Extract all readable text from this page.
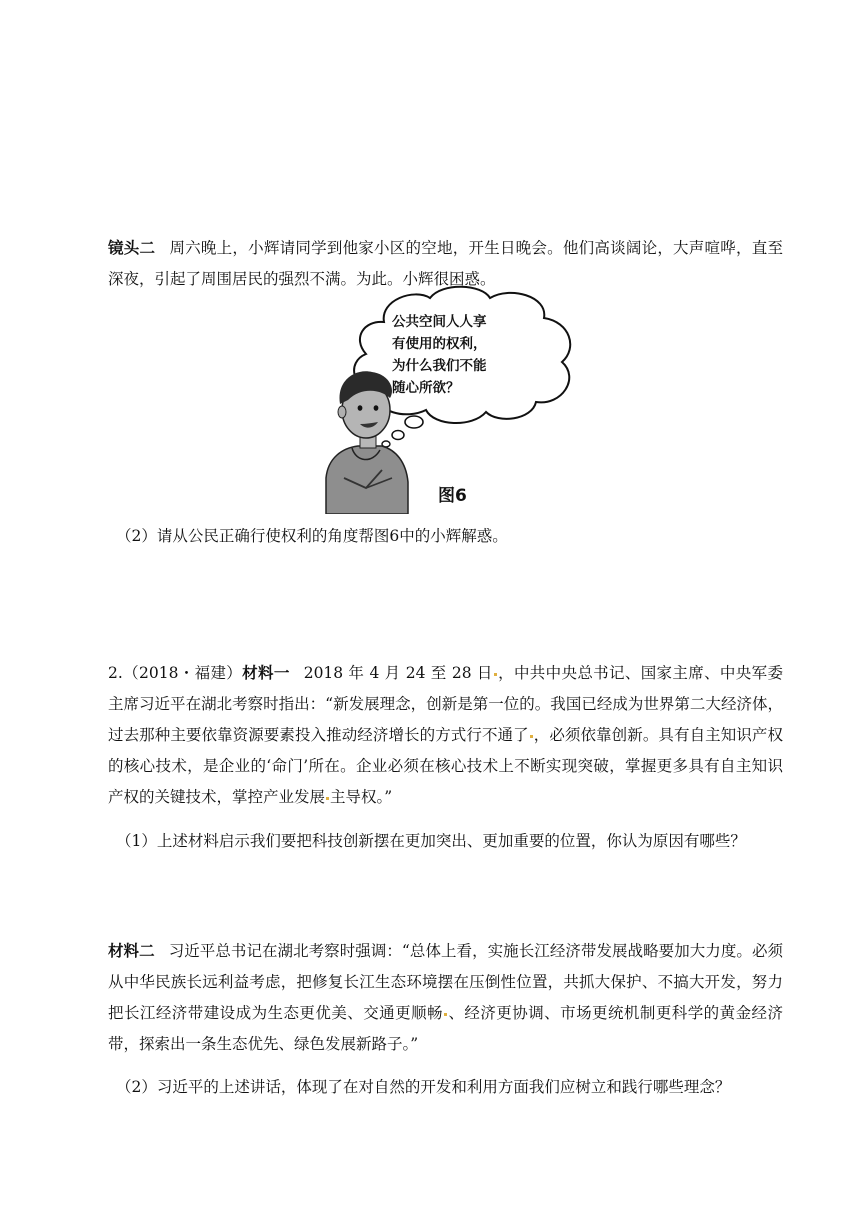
镜头二 周六晚上，小辉请同学到他家小区的空地，开生日晚会。他们高谈阔论，大声喧哗，直至深夜，引起了周围居民的强烈不满。为此。小辉很困惑。

公共空间人人享
有使用的权利，
为什么我们不能
随心所欲？
图6

（2）请从公民正确行使权利的角度帮图6中的小辉解惑。

2.（2018・福建）材料一 2018 年 4 月 24 至 28 日 ，中共中央总书记、国家主席、中央军委主席习近平在湖北考察时指出：“新发展理念，创新是第一位的。我国已经成为世界第二大经济体，过去那种主要依靠资源要素投入推动经济增长的方式行不通了 ，必须依靠创新。具有自主知识产权的核心技术，是企业的‘命门’所在。企业必须在核心技术上不断实现突破，掌握更多具有自主知识产权的关键技术，掌控产业发展 主导权。”

（1）上述材料启示我们要把科技创新摆在更加突出、更加重要的位置，你认为原因有哪些？

材料二 习近平总书记在湖北考察时强调：“总体上看，实施长江经济带发展战略要加大力度。必须从中华民族长远利益考虑，把修复长江生态环境摆在压倒性位置，共抓大保护、不搞大开发，努力把长江经济带建设成为生态更优美、交通更顺畅 、经济更协调、市场更统机制更科学的黄金经济带，探索出一条生态优先、绿色发展新路子。”

（2）习近平的上述讲话，体现了在对自然的开发和利用方面我们应树立和践行哪些理念？
